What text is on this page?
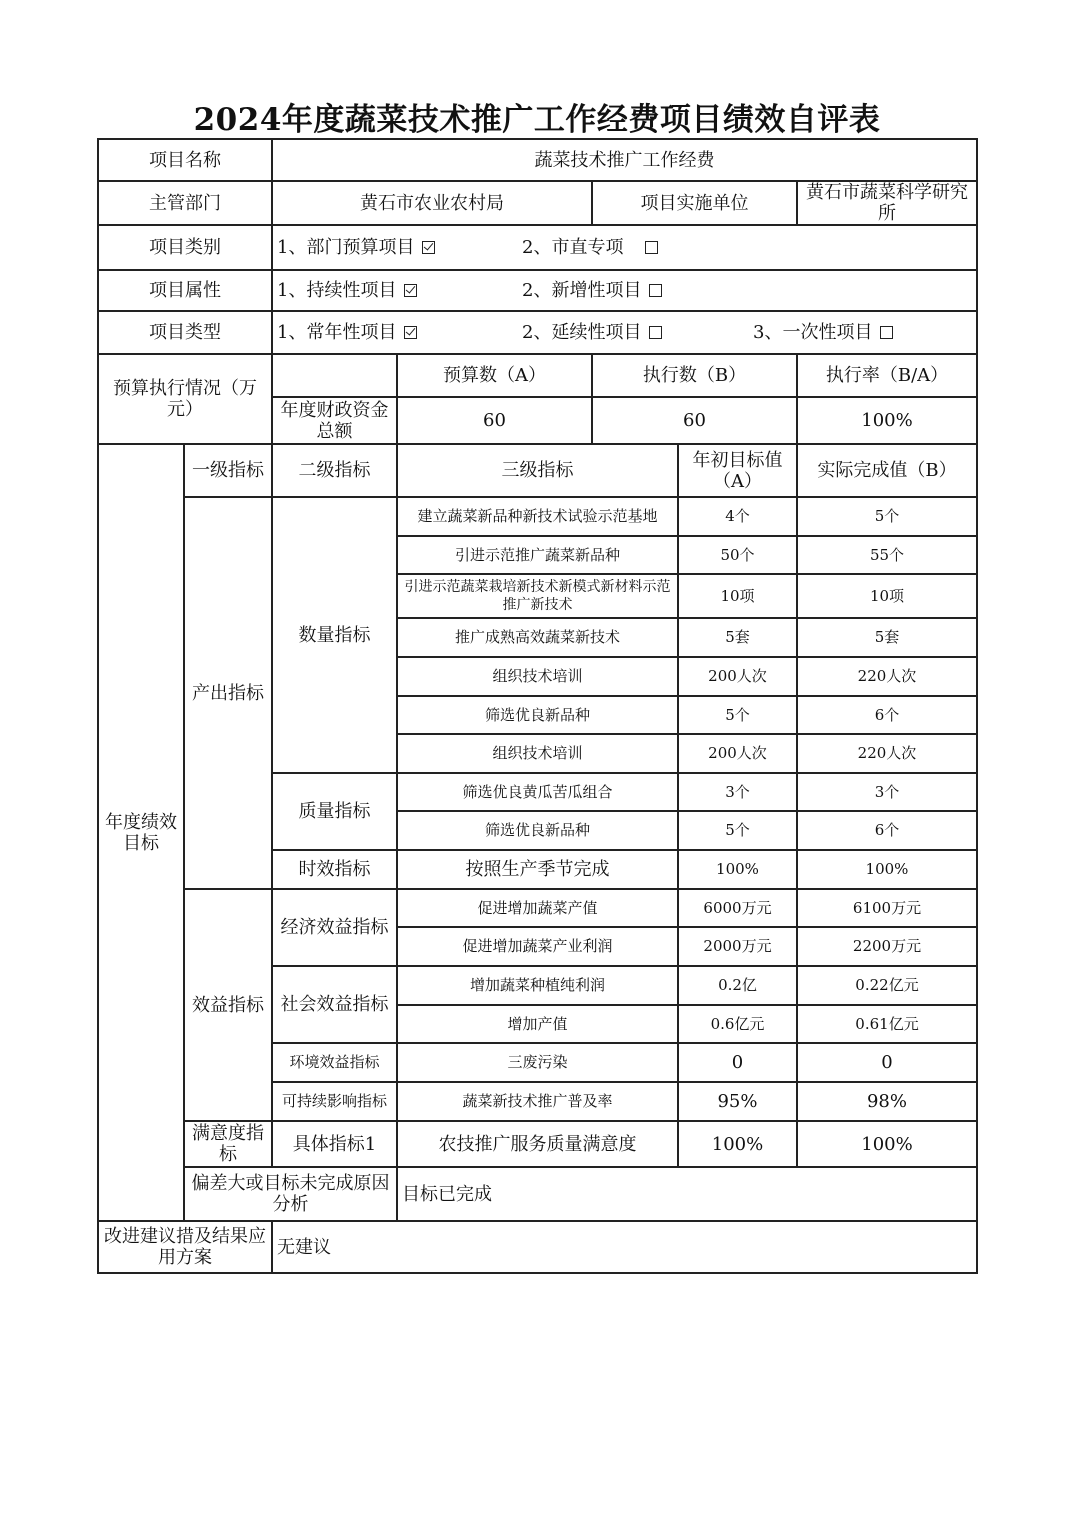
2024年度蔬菜技术推广工作经费项目绩效自评表
项目名称		蔬菜技术推广工作经费				
主管部门		黄石市农业农村局		项目实施单位		黄石市蔬菜科学研究所
项目类别		1、部门预算项目 2、市直专项				
项目属性		1、持续性项目 2、新增性项目				
项目类型		1、常年性项目 2、延续性项目 3、一次性项目				
预算执行情况（万元）			预算数（A）	执行数（B）		执行率（B/A）
		年度财政资金总额	60	60		100%
年度绩效目标	一级指标	二级指标	三级指标		年初目标值（A）	实际完成值（B）
	产出指标	数量指标	建立蔬菜新品种新技术试验示范基地		4个	5个
			引进示范推广蔬菜新品种		50个	55个
			引进示范蔬菜栽培新技术新模式新材料示范推广新技术		10项	10项
			推广成熟高效蔬菜新技术		5套	5套
			组织技术培训		200人次	220人次
			筛选优良新品种		5个	6个
			组织技术培训		200人次	220人次
		质量指标	筛选优良黄瓜苦瓜组合		3个	3个
			筛选优良新品种		5个	6个
		时效指标	按照生产季节完成		100%	100%
	效益指标	经济效益指标	促进增加蔬菜产值		6000万元	6100万元
			促进增加蔬菜产业利润		2000万元	2200万元
		社会效益指标	增加蔬菜种植纯利润		0.2亿	0.22亿元
			增加产值		0.6亿元	0.61亿元
		环境效益指标	三废污染		0	0
		可持续影响指标	蔬菜新技术推广普及率		95%	98%
	满意度指标	具体指标1	农技推广服务质量满意度		100%	100%
	偏差大或目标未完成原因分析		目标已完成			
改进建议措及结果应用方案		无建议				
